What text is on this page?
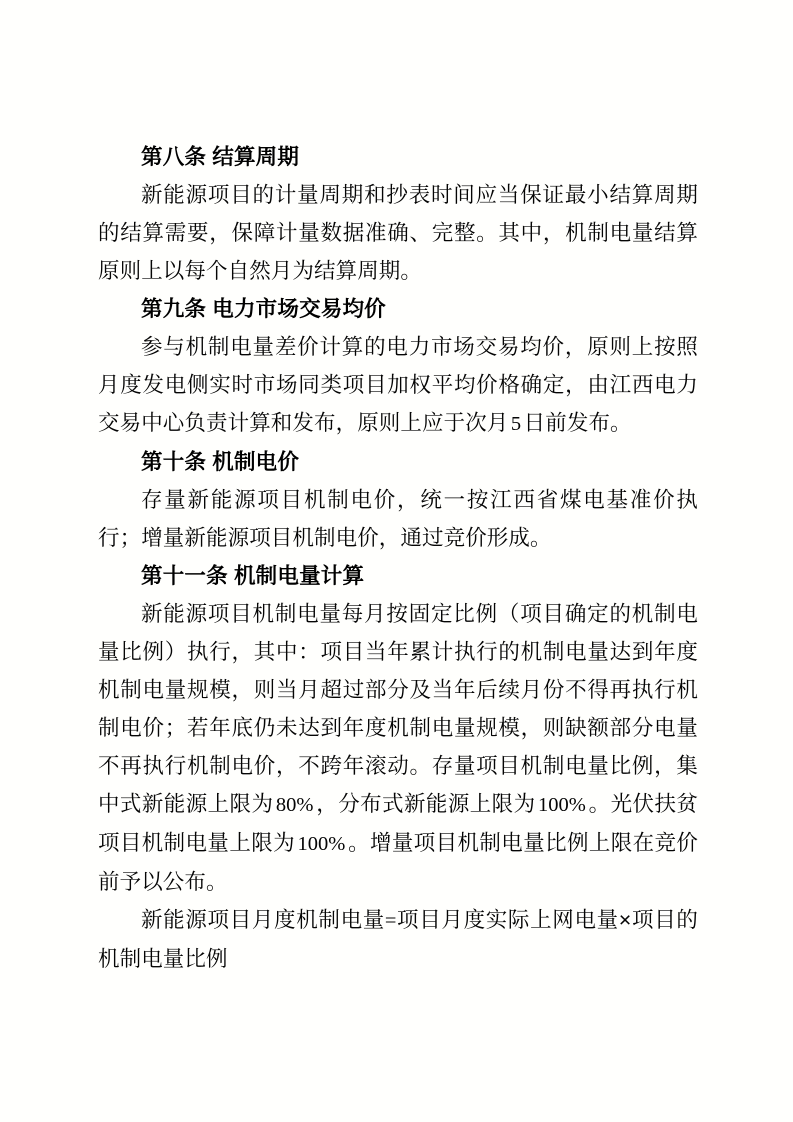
第八条 结算周期

新能源项目的计量周期和抄表时间应当保证最小结算周期的结算需要，保障计量数据准确、完整。其中，机制电量结算原则上以每个自然月为结算周期。

第九条 电力市场交易均价

参与机制电量差价计算的电力市场交易均价，原则上按照月度发电侧实时市场同类项目加权平均价格确定，由江西电力交易中心负责计算和发布，原则上应于次月 5 日前发布。

第十条 机制电价

存量新能源项目机制电价，统一按江西省煤电基准价执行；增量新能源项目机制电价，通过竞价形成。

第十一条 机制电量计算

新能源项目机制电量每月按固定比例（项目确定的机制电量比例）执行，其中：项目当年累计执行的机制电量达到年度机制电量规模，则当月超过部分及当年后续月份不得再执行机制电价；若年底仍未达到年度机制电量规模，则缺额部分电量不再执行机制电价，不跨年滚动。存量项目机制电量比例，集中式新能源上限为 80% ，分布式新能源上限为 100% 。光伏扶贫项目机制电量上限为 100% 。增量项目机制电量比例上限在竞价前予以公布。

新能源项目月度机制电量=项目月度实际上网电量×项目的机制电量比例
